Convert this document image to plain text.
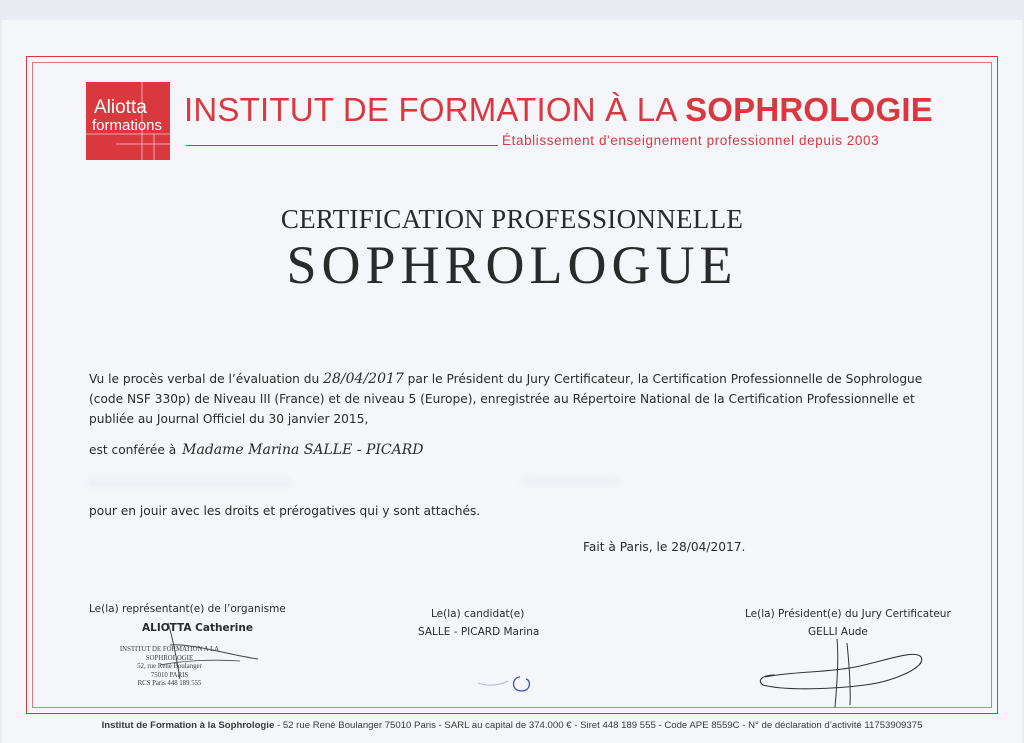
Aliotta
formations INSTITUT DE FORMATION À LA SOPHROLOGIE
Établissement d'enseignement professionnel depuis 2003
CERTIFICATION PROFESSIONNELLE
SOPHROLOGUE
Vu le procès verbal de l’évaluation du 28/04/2017 par le Président du Jury Certificateur, la Certification Professionnelle de Sophrologue (code NSF 330p) de Niveau III (France) et de niveau 5 (Europe), enregistrée au Répertoire National de la Certification Professionnelle et publiée au Journal Officiel du 30 janvier 2015,
est conférée à Madame Marina SALLE - PICARD
pour en jouir avec les droits et prérogatives qui y sont attachés.
Fait à Paris, le 28/04/2017.
Le(la) représentant(e) de l’organisme
ALIOTTA Catherine
INSTITUT DE FORMATION A LA SOPHROLOGIE
52, rue René Boulanger
75010 PARIS
RCS Paris 448 189 555
Le(la) candidat(e)
SALLE - PICARD Marina
Le(la) Président(e) du Jury Certificateur
GELLI Aude
Institut de Formation à la Sophrologie - 52 rue René Boulanger 75010 Paris - SARL au capital de 374.000 € - Siret 448 189 555 - Code APE 8559C - N° de déclaration d’activité 11753909375
